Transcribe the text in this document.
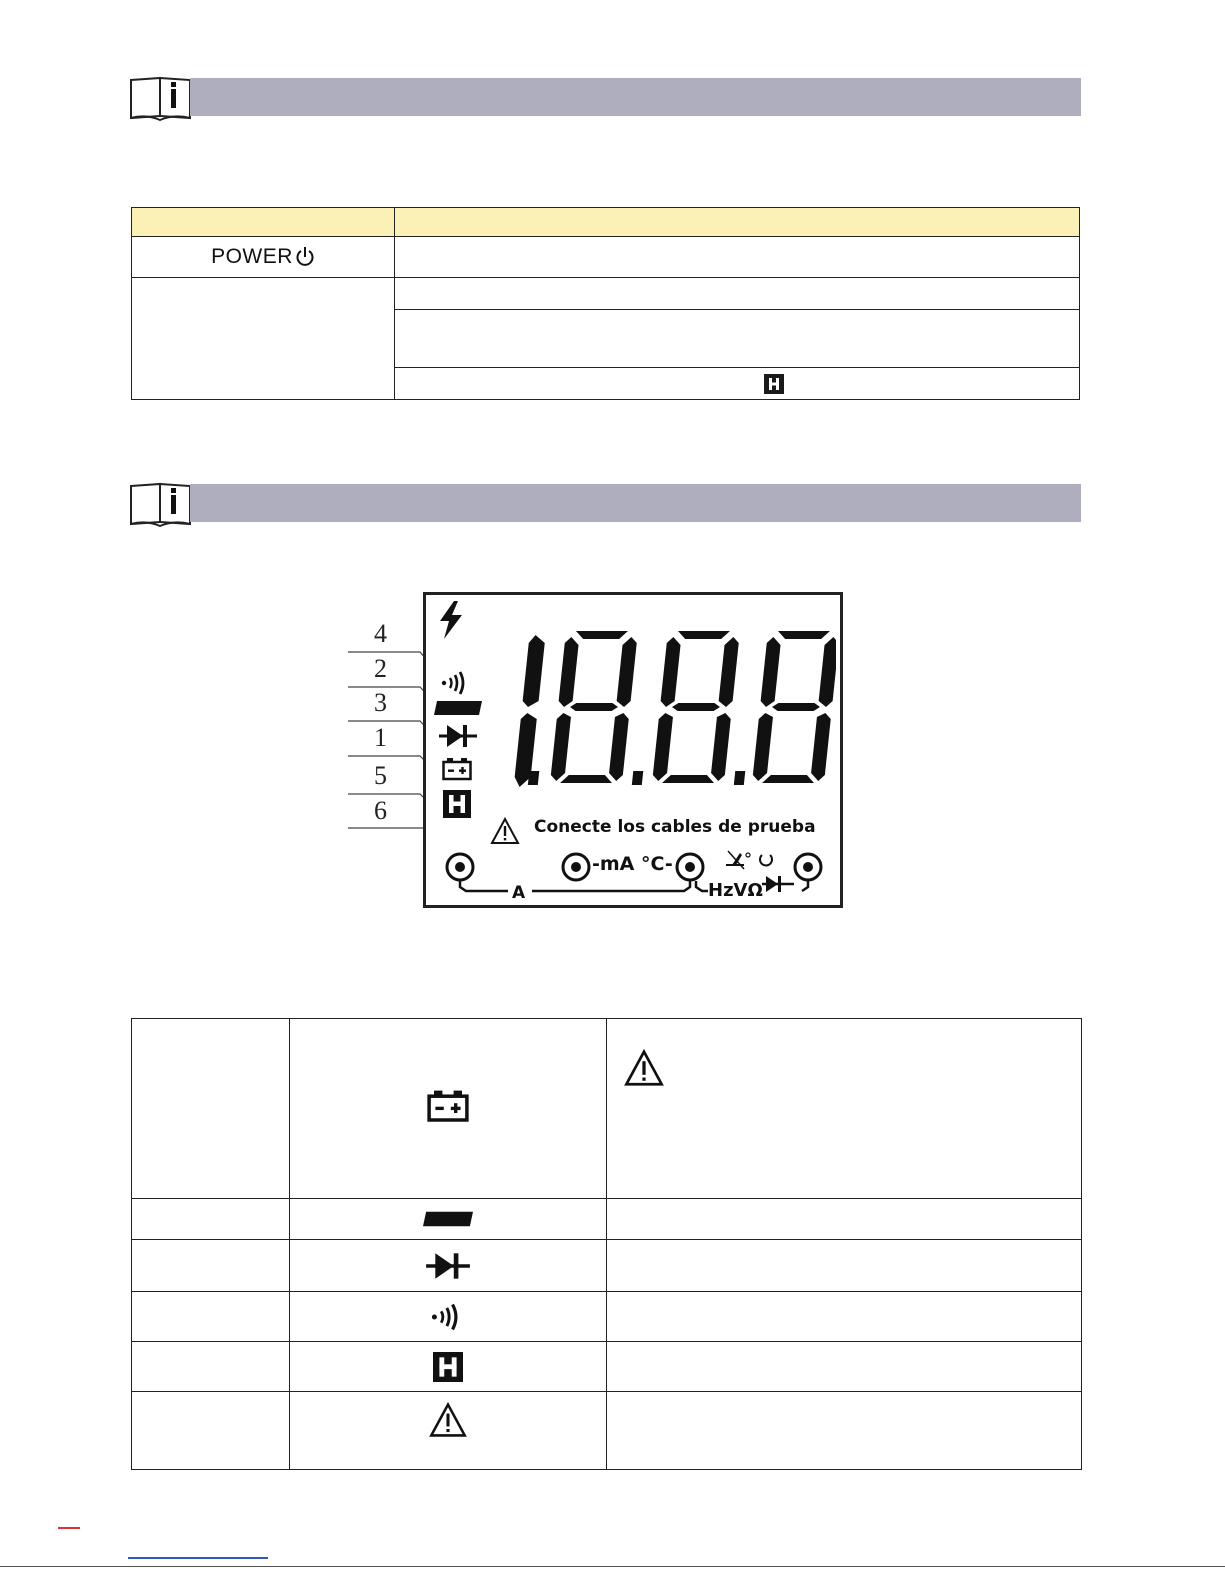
POWER	

4
2
3
1
5
6
Conecte los cables de prueba
-mA °C-
A	HzVΩ
